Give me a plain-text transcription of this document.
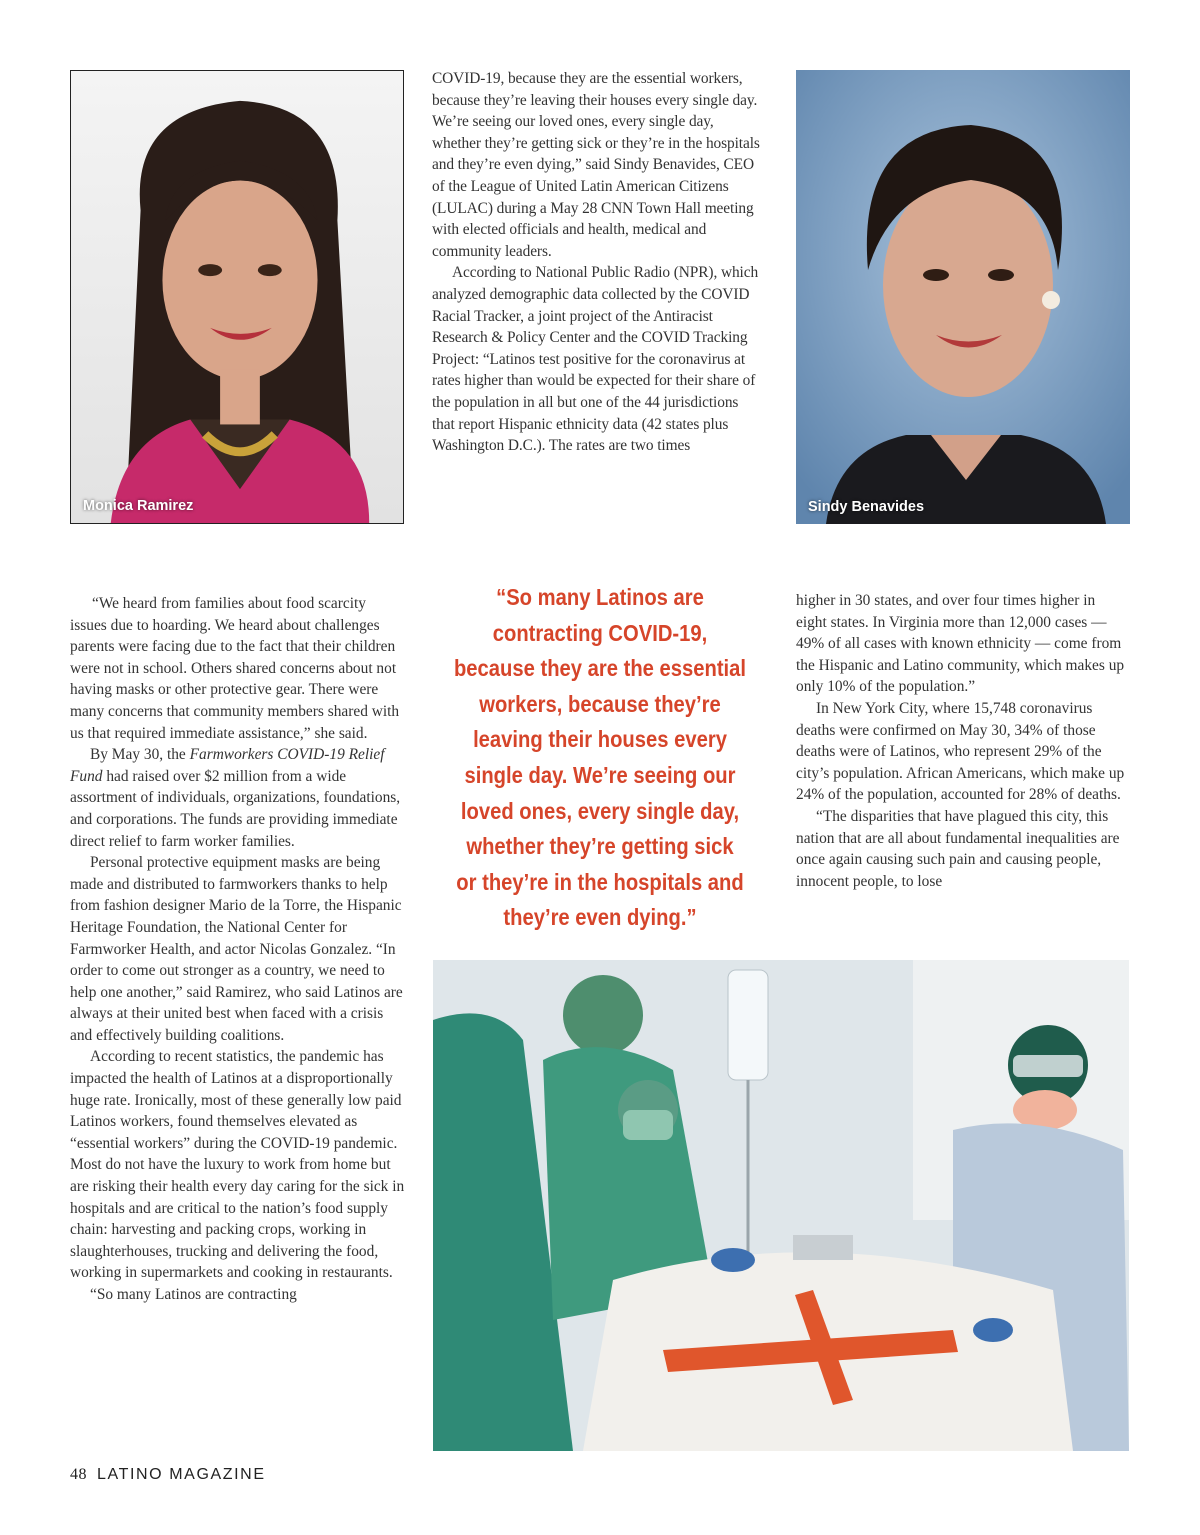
Monica Ramirez

COVID-19, because they are the essential workers, because they’re leaving their houses every single day. We’re seeing our loved ones, every single day, whether they’re getting sick or they’re in the hospitals and they’re even dying,” said Sindy Benavides, CEO of the League of United Latin American Citizens (LULAC) during a May 28 CNN Town Hall meeting with elected officials and health, medical and community leaders.

According to National Public Radio (NPR), which analyzed demographic data collected by the COVID Racial Tracker, a joint project of the Antiracist Research & Policy Center and the COVID Tracking Project: “Latinos test positive for the coronavirus at rates higher than would be expected for their share of the population in all but one of the 44 jurisdictions that report Hispanic ethnicity data (42 states plus Washington D.C.). The rates are two times

Sindy Benavides

“We heard from families about food scarcity issues due to hoarding. We heard about challenges parents were facing due to the fact that their children were not in school. Others shared concerns about not having masks or other protective gear. There were many concerns that community members shared with us that required immediate assistance,” she said.

By May 30, the Farmworkers COVID-19 Relief Fund had raised over $2 million from a wide assortment of individuals, organizations, foundations, and corporations. The funds are providing immediate direct relief to farm worker families.

Personal protective equipment masks are being made and distributed to farmworkers thanks to help from fashion designer Mario de la Torre, the Hispanic Heritage Foundation, the National Center for Farmworker Health, and actor Nicolas Gonzalez. “In order to come out stronger as a country, we need to help one another,” said Ramirez, who said Latinos are always at their united best when faced with a crisis and effectively building coalitions.

According to recent statistics, the pandemic has impacted the health of Latinos at a disproportionally huge rate. Ironically, most of these generally low paid Latinos workers, found themselves elevated as “essential workers” during the COVID-19 pandemic. Most do not have the luxury to work from home but are risking their health every day caring for the sick in hospitals and are critical to the nation’s food supply chain: harvesting and packing crops, working in slaughterhouses, trucking and delivering the food, working in supermarkets and cooking in restaurants.

“So many Latinos are contracting

“So many Latinos are contracting COVID-19, because they are the essential workers, because they’re leaving their houses every single day. We’re seeing our loved ones, every single day, whether they’re getting sick or they’re in the hospitals and they’re even dying.”

higher in 30 states, and over four times higher in eight states. In Virginia more than 12,000 cases — 49% of all cases with known ethnicity — come from the Hispanic and Latino community, which makes up only 10% of the population.”

In New York City, where 15,748 coronavirus deaths were confirmed on May 30, 34% of those deaths were of Latinos, who represent 29% of the city’s population. African Americans, which make up 24% of the population, accounted for 28% of deaths.

“The disparities that have plagued this city, this nation that are all about fundamental inequalities are once again causing such pain and causing people, innocent people, to lose

48 LATINO MAGAZINE
